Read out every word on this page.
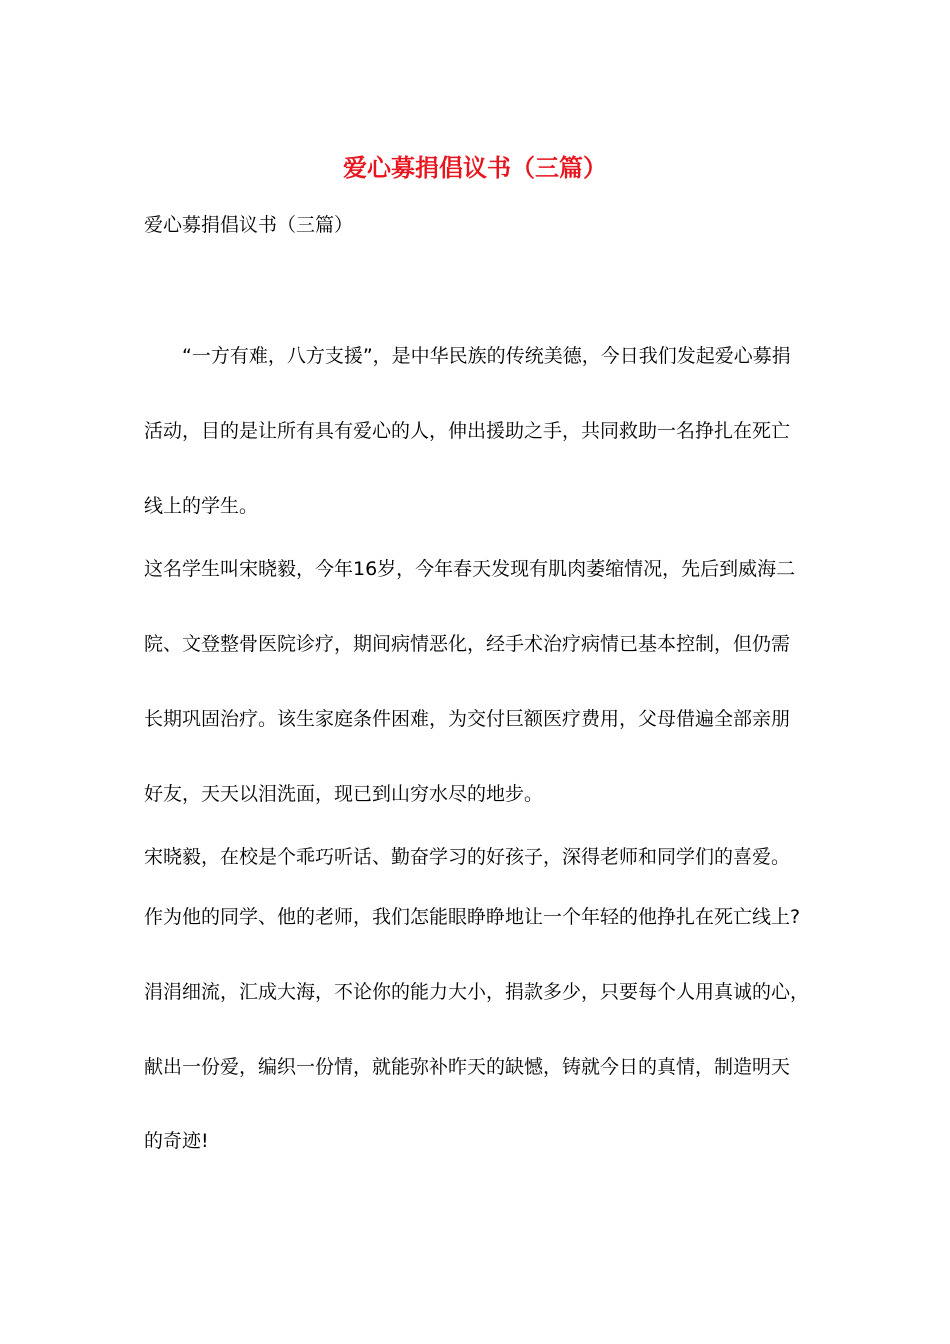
爱心募捐倡议书（三篇）
爱心募捐倡议书（三篇）
“一方有难，八方支援”，是中华民族的传统美德，今日我们发起爱心募捐
活动，目的是让所有具有爱心的人，伸出援助之手，共同救助一名挣扎在死亡
线上的学生。
这名学生叫宋晓毅，今年16岁，今年春天发现有肌肉萎缩情况，先后到威海二
院、文登整骨医院诊疗，期间病情恶化，经手术治疗病情已基本控制，但仍需
长期巩固治疗。该生家庭条件困难，为交付巨额医疗费用，父母借遍全部亲朋
好友，天天以泪洗面，现已到山穷水尽的地步。
宋晓毅，在校是个乖巧听话、勤奋学习的好孩子，深得老师和同学们的喜爱。
作为他的同学、他的老师，我们怎能眼睁睁地让一个年轻的他挣扎在死亡线上?
涓涓细流，汇成大海，不论你的能力大小，捐款多少，只要每个人用真诚的心，
献出一份爱，编织一份情，就能弥补昨天的缺憾，铸就今日的真情，制造明天
的奇迹!
